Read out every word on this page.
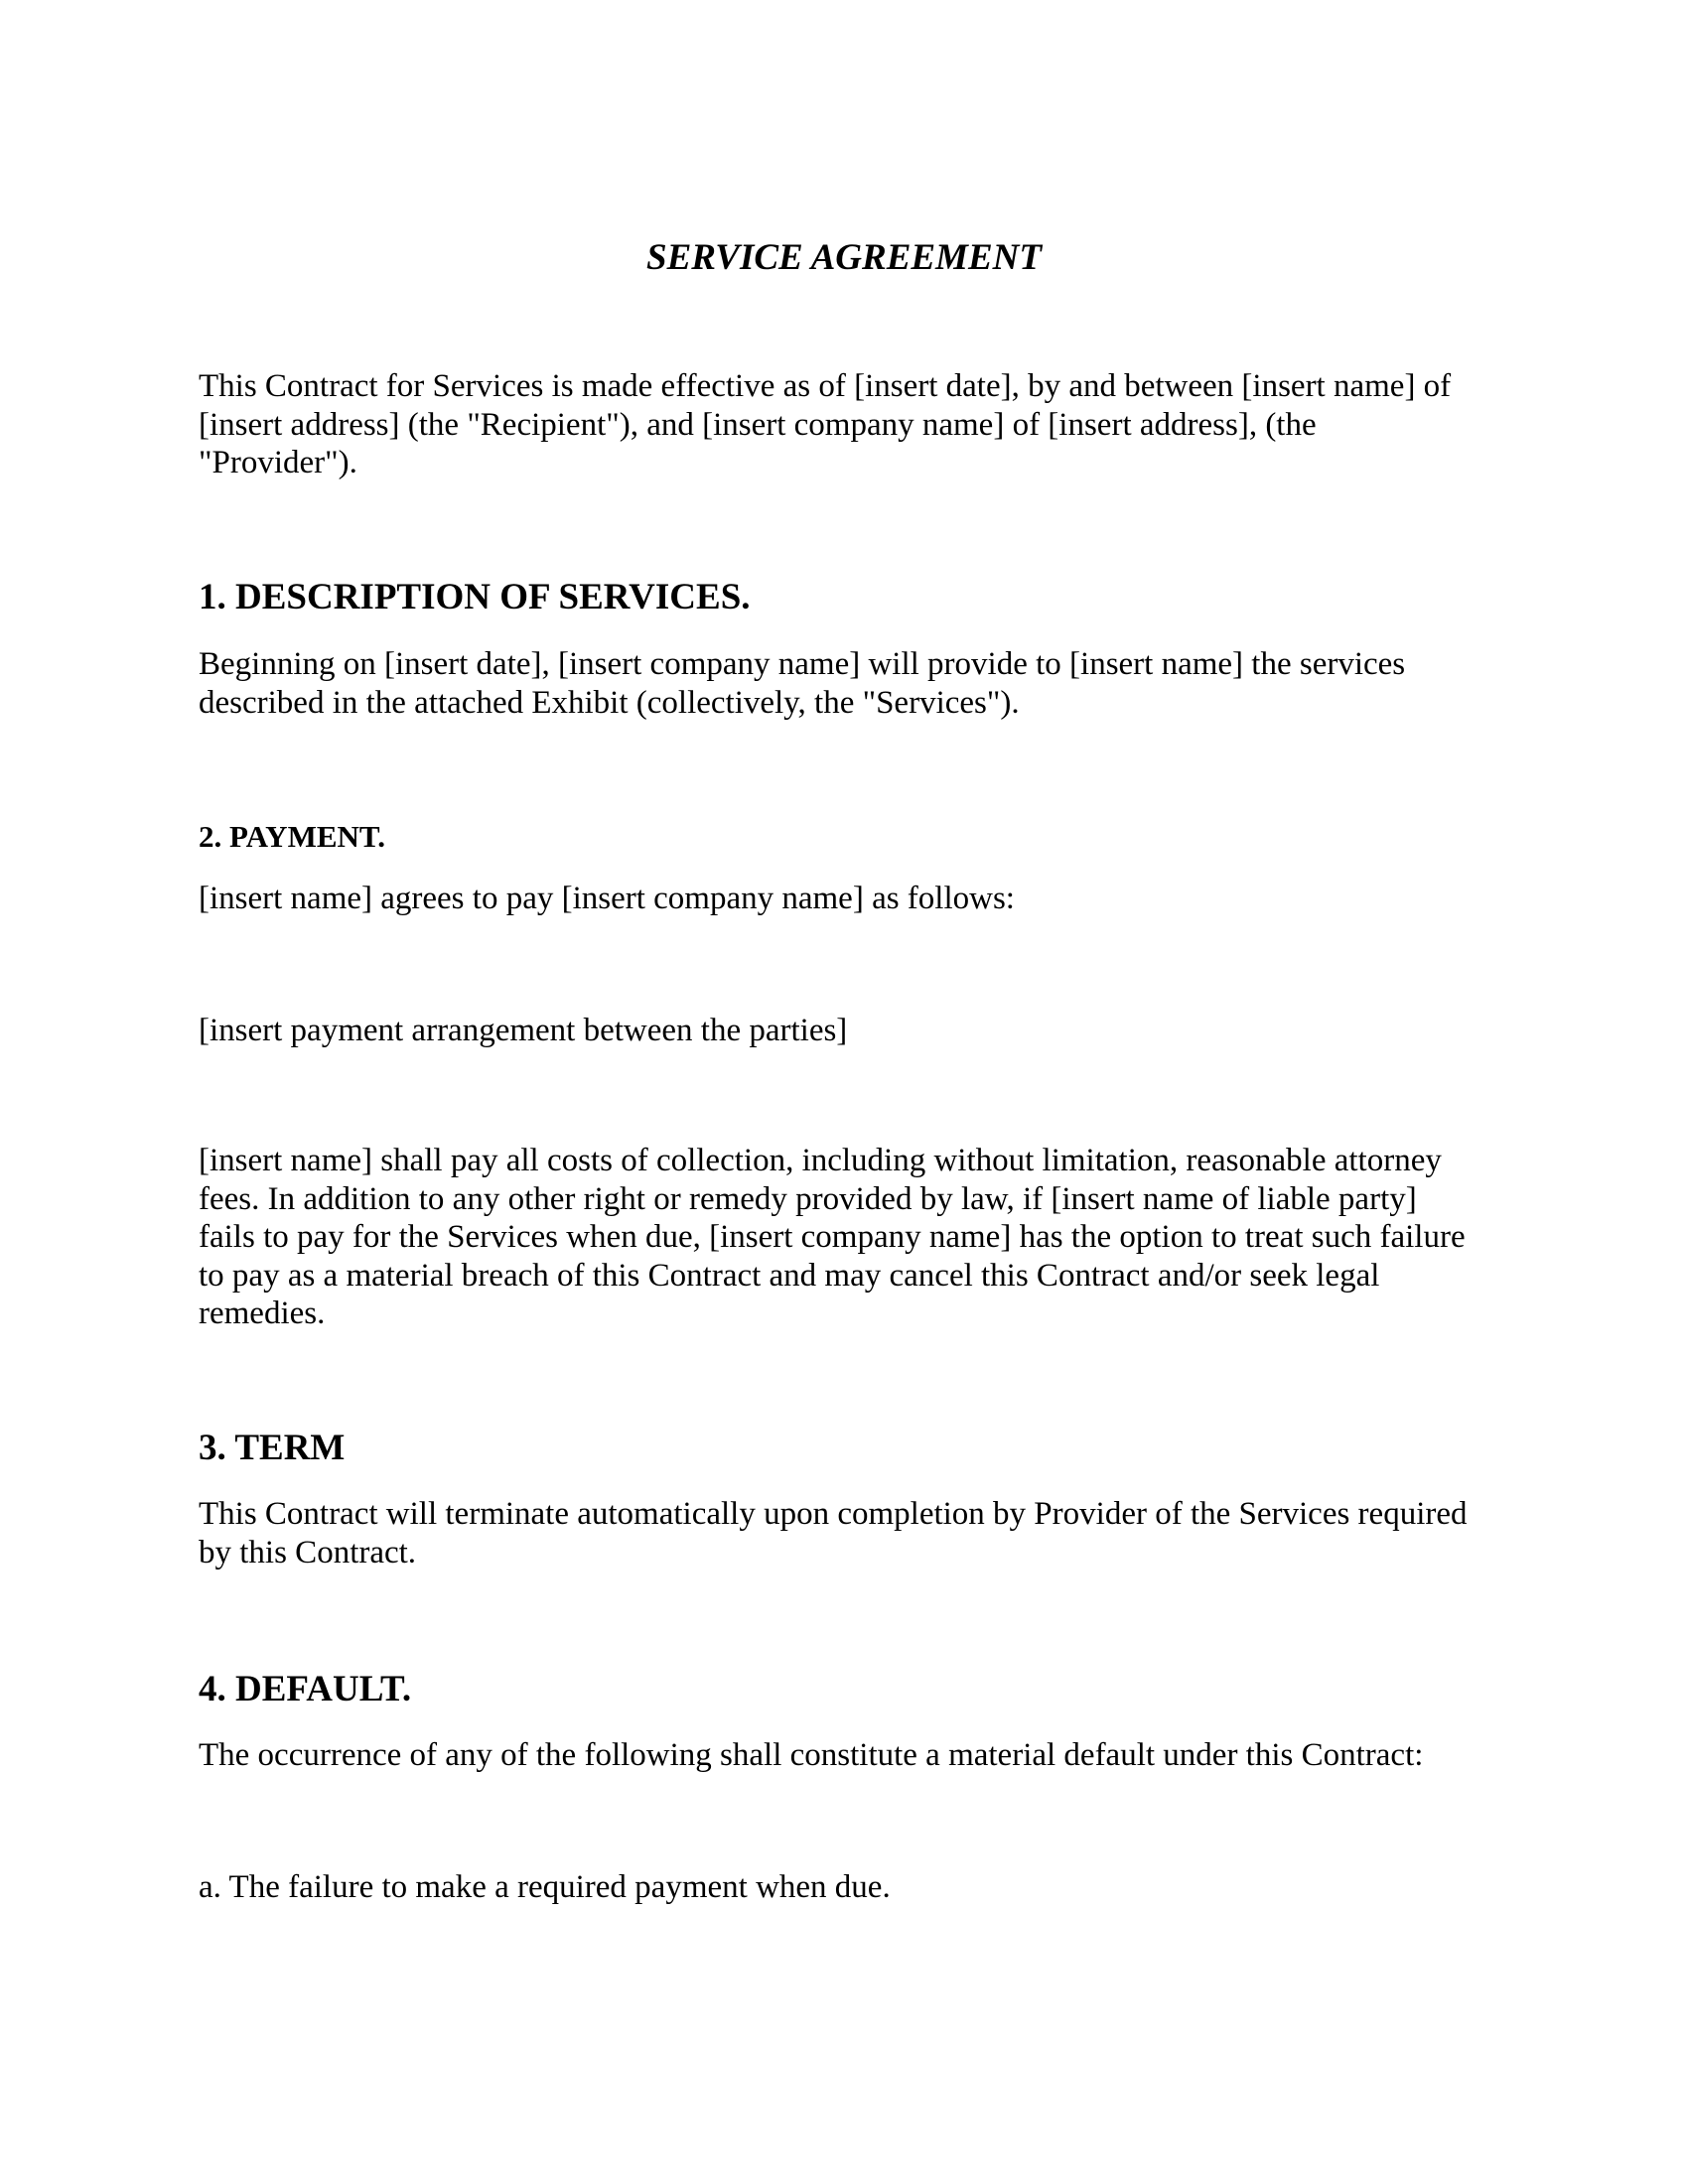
SERVICE AGREEMENT

This Contract for Services is made effective as of [insert date], by and between [insert name] of
[insert address] (the "Recipient"), and [insert company name] of [insert address], (the
"Provider").

1. DESCRIPTION OF SERVICES.

Beginning on [insert date], [insert company name] will provide to [insert name] the services
described in the attached Exhibit (collectively, the "Services").

2. PAYMENT.

[insert name] agrees to pay [insert company name] as follows:

[insert payment arrangement between the parties]

[insert name] shall pay all costs of collection, including without limitation, reasonable attorney
fees. In addition to any other right or remedy provided by law, if [insert name of liable party]
fails to pay for the Services when due, [insert company name] has the option to treat such failure
to pay as a material breach of this Contract and may cancel this Contract and/or seek legal
remedies.

3. TERM

This Contract will terminate automatically upon completion by Provider of the Services required
by this Contract.

4. DEFAULT.

The occurrence of any of the following shall constitute a material default under this Contract:

a. The failure to make a required payment when due.
